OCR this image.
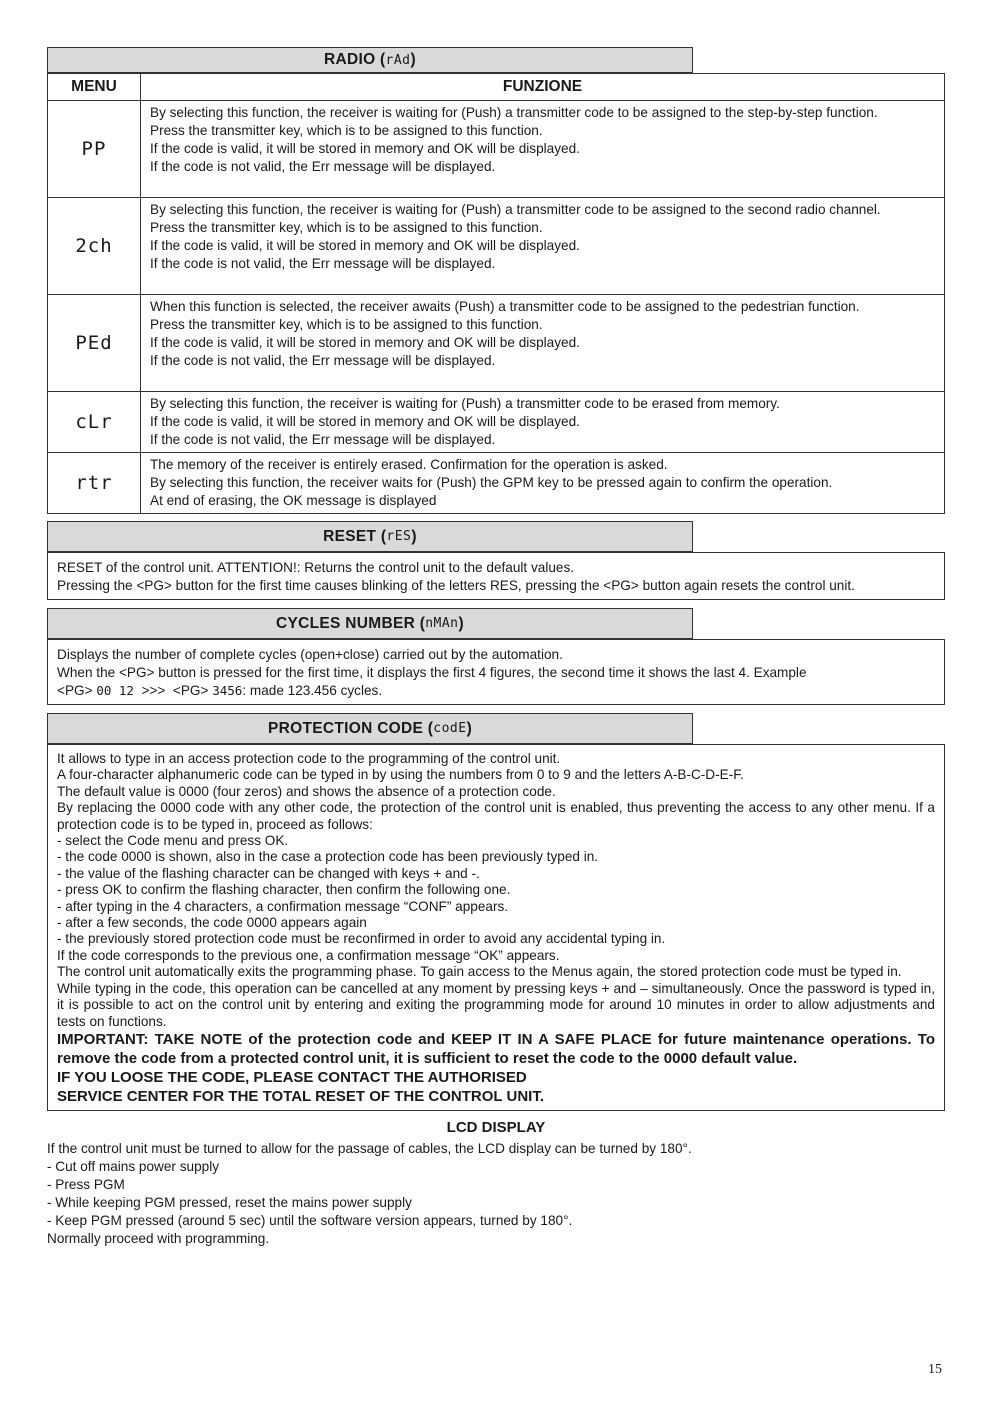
RADIO ( rAd )
MENU	FUNZIONE
PP	By selecting this function, the receiver is waiting for (Push) a transmitter code to be assigned to the step-by-step function.
Press the transmitter key, which is to be assigned to this function.
If the code is valid, it will be stored in memory and OK will be displayed.
If the code is not valid, the Err message will be displayed.

2ch	By selecting this function, the receiver is waiting for (Push) a transmitter code to be assigned to the second radio channel.
Press the transmitter key, which is to be assigned to this function.
If the code is valid, it will be stored in memory and OK will be displayed.
If the code is not valid, the Err message will be displayed.

PEd	When this function is selected, the receiver awaits (Push) a transmitter code to be assigned to the pedestrian function.
Press the transmitter key, which is to be assigned to this function.
If the code is valid, it will be stored in memory and OK will be displayed.
If the code is not valid, the Err message will be displayed.

cLr	By selecting this function, the receiver is waiting for (Push) a transmitter code to be erased from memory.
If the code is valid, it will be stored in memory and OK will be displayed.
If the code is not valid, the Err message will be displayed.

rtr	The memory of the receiver is entirely erased. Confirmation for the operation is asked.
By selecting this function, the receiver waits for (Push) the GPM key to be pressed again to confirm the operation.
At end of erasing, the OK message is displayed
RESET ( rES )
RESET of the control unit. ATTENTION!: Returns the control unit to the default values.
Pressing the <PG> button for the first time causes blinking of the letters RES, pressing the <PG> button again resets the control unit.
CYCLES NUMBER ( nMAn )
Displays the number of complete cycles (open+close) carried out by the automation.
When the <PG> button is pressed for the first time, it displays the first 4 figures, the second time it shows the last 4. Example
<PG> 00 12 >>> <PG> 3456: made 123.456 cycles.
PROTECTION CODE ( codE )
It allows to type in an access protection code to the programming of the control unit.
A four-character alphanumeric code can be typed in by using the numbers from 0 to 9 and the letters A-B-C-D-E-F.
The default value is 0000 (four zeros) and shows the absence of a protection code.
By replacing the 0000 code with any other code, the protection of the control unit is enabled, thus preventing the access to any other menu. If a protection code is to be typed in, proceed as follows:
- select the Code menu and press OK.
- the code 0000 is shown, also in the case a protection code has been previously typed in.
- the value of the flashing character can be changed with keys + and -.
- press OK to confirm the flashing character, then confirm the following one.
- after typing in the 4 characters, a confirmation message “CONF” appears.
- after a few seconds, the code 0000 appears again
- the previously stored protection code must be reconfirmed in order to avoid any accidental typing in.
If the code corresponds to the previous one, a confirmation message “OK” appears.
The control unit automatically exits the programming phase. To gain access to the Menus again, the stored protection code must be typed in.
While typing in the code, this operation can be cancelled at any moment by pressing keys + and – simultaneously. Once the password is typed in, it is possible to act on the control unit by entering and exiting the programming mode for around 10 minutes in order to allow adjustments and tests on functions.
IMPORTANT: TAKE NOTE of the protection code and KEEP IT IN A SAFE PLACE for future maintenance operations. To remove the code from a protected control unit, it is sufficient to reset the code to the 0000 default value.
IF YOU LOOSE THE CODE, PLEASE CONTACT THE AUTHORISED
SERVICE CENTER FOR THE TOTAL RESET OF THE CONTROL UNIT.
LCD DISPLAY
If the control unit must be turned to allow for the passage of cables, the LCD display can be turned by 180°.
- Cut off mains power supply
- Press PGM
- While keeping PGM pressed, reset the mains power supply
- Keep PGM pressed (around 5 sec) until the software version appears, turned by 180°.
Normally proceed with programming.
15
